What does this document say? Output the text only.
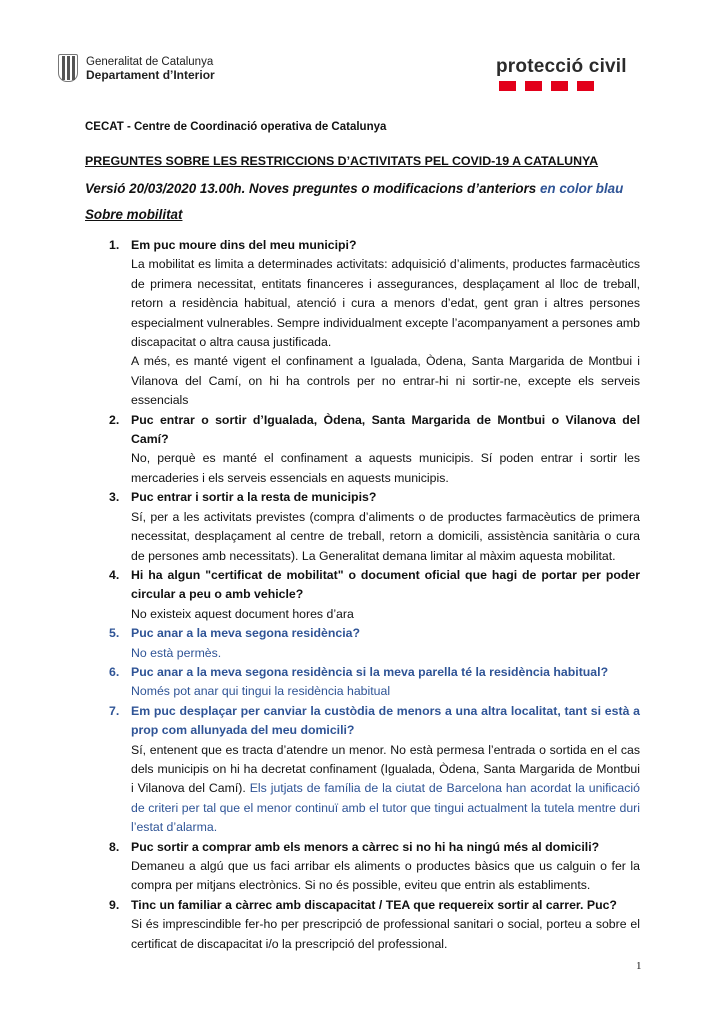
Generalitat de Catalunya
Departament d’Interior	protecció civil
CECAT - Centre de Coordinació operativa de Catalunya
PREGUNTES SOBRE LES RESTRICCIONS D’ACTIVITATS PEL COVID-19 A CATALUNYA
Versió 20/03/2020 13.00h. Noves preguntes o modificacions d’anteriors en color blau
Sobre mobilitat
1. Em puc moure dins del meu municipi?

La mobilitat es limita a determinades activitats: adquisició d’aliments, productes farmacèutics de primera necessitat, entitats financeres i assegurances, desplaçament al lloc de treball, retorn a residència habitual, atenció i cura a menors d’edat, gent gran i altres persones especialment vulnerables. Sempre individualment excepte l’acompanyament a persones amb discapacitat o altra causa justificada.

A més, es manté vigent el confinament a Igualada, Òdena, Santa Margarida de Montbui i Vilanova del Camí, on hi ha controls per no entrar-hi ni sortir-ne, excepte els serveis essencials

2. Puc entrar o sortir d’Igualada, Òdena, Santa Margarida de Montbui o Vilanova del Camí?

No, perquè es manté el confinament a aquests municipis. Sí poden entrar i sortir les mercaderies i els serveis essencials en aquests municipis.

3. Puc entrar i sortir a la resta de municipis?

Sí, per a les activitats previstes (compra d’aliments o de productes farmacèutics de primera necessitat, desplaçament al centre de treball, retorn a domicili, assistència sanitària o cura de persones amb necessitats). La Generalitat demana limitar al màxim aquesta mobilitat.

4. Hi ha algun "certificat de mobilitat" o document oficial que hagi de portar per poder circular a peu o amb vehicle?

No existeix aquest document hores d’ara

5. Puc anar a la meva segona residència?

No està permès.

6. Puc anar a la meva segona residència si la meva parella té la residència habitual?

Només pot anar qui tingui la residència habitual

7. Em puc desplaçar per canviar la custòdia de menors a una altra localitat, tant si està a prop com allunyada del meu domicili?

Sí, entenent que es tracta d’atendre un menor. No està permesa l’entrada o sortida en el cas dels municipis on hi ha decretat confinament (Igualada, Òdena, Santa Margarida de Montbui i Vilanova del Camí). Els jutjats de família de la ciutat de Barcelona han acordat la unificació de criteri per tal que el menor continuï amb el tutor que tingui actualment la tutela mentre duri l’estat d’alarma.

8. Puc sortir a comprar amb els menors a càrrec si no hi ha ningú més al domicili?

Demaneu a algú que us faci arribar els aliments o productes bàsics que us calguin o fer la compra per mitjans electrònics. Si no és possible, eviteu que entrin als establiments.

9. Tinc un familiar a càrrec amb discapacitat / TEA que requereix sortir al carrer. Puc?

Si és imprescindible fer-ho per prescripció de professional sanitari o social, porteu a sobre el certificat de discapacitat i/o la prescripció del professional.

1
